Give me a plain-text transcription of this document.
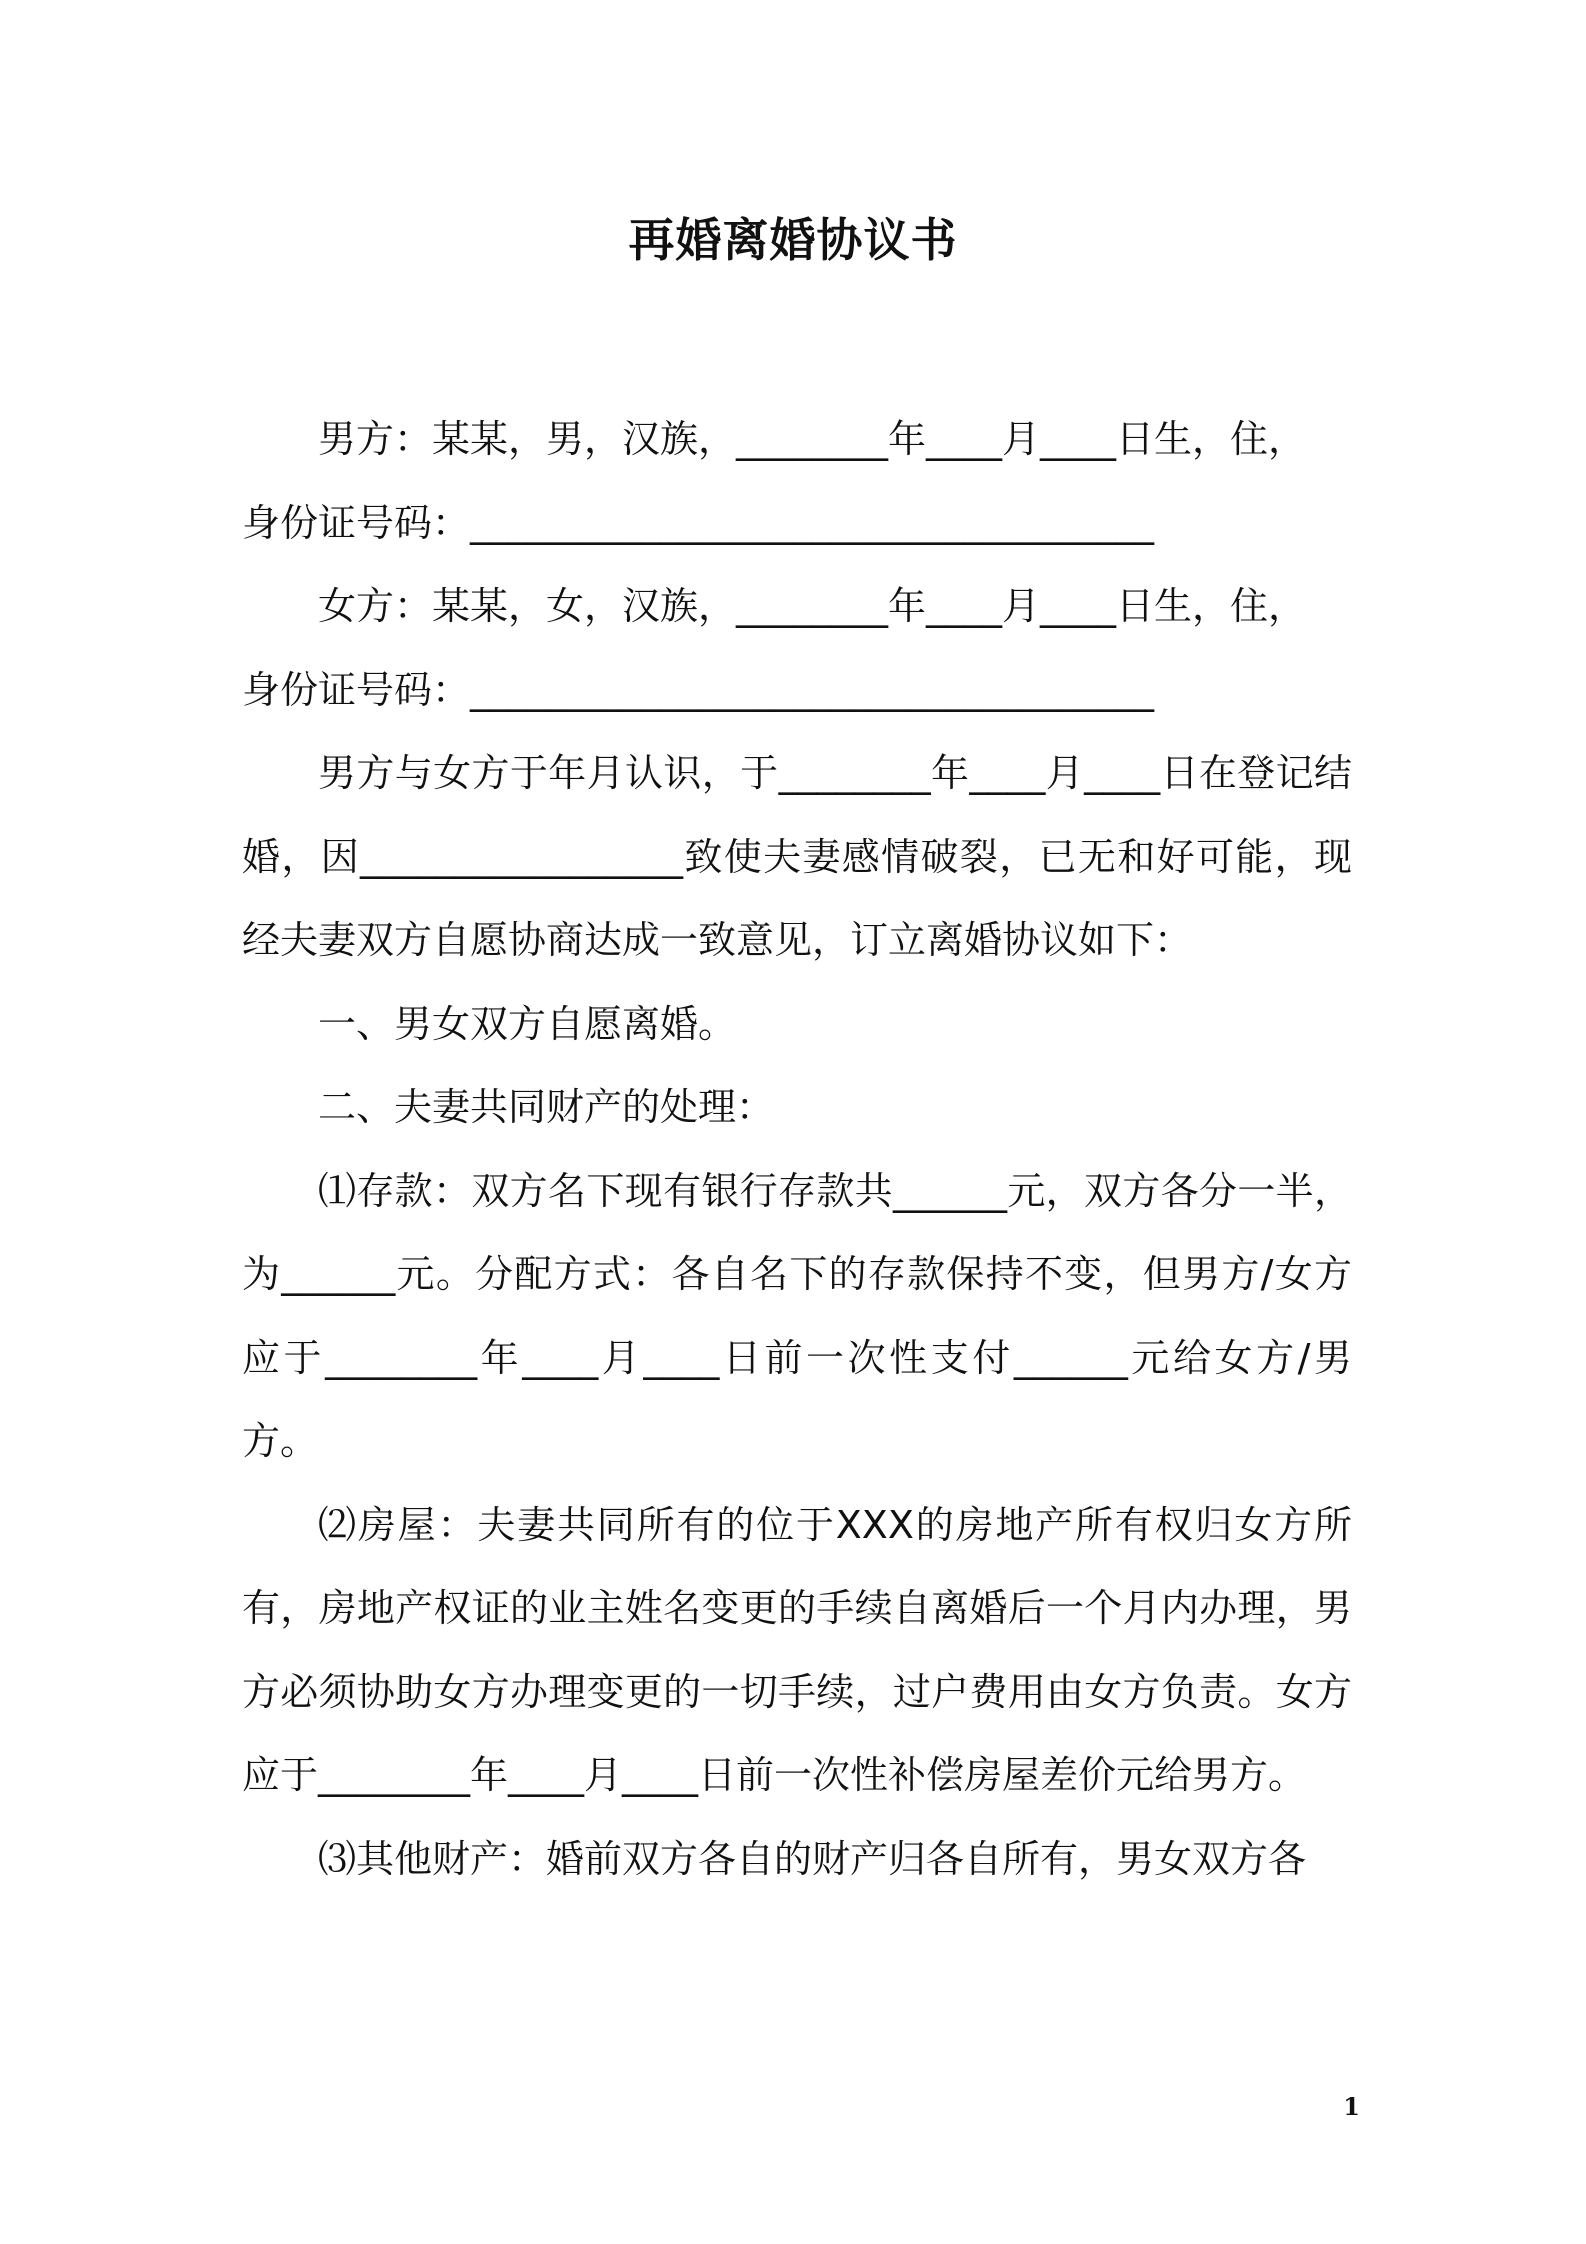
再婚离婚协议书

男方：某某，男，汉族，________年____月____日生，住，

身份证号码：____________________________________

女方：某某，女，汉族，________年____月____日生，住，

身份证号码：____________________________________

男方与女方于年月认识，于________年____月____日在登记结婚，因_________________致使夫妻感情破裂，已无和好可能，现经夫妻双方自愿协商达成一致意见，订立离婚协议如下：

一、男女双方自愿离婚。

二、夫妻共同财产的处理：

⑴存款：双方名下现有银行存款共______元，双方各分一半，为______元。分配方式：各自名下的存款保持不变，但男方/女方应于________年____月____日前一次性支付______元给女方/男方。

⑵房屋：夫妻共同所有的位于XXX的房地产所有权归女方所有，房地产权证的业主姓名变更的手续自离婚后一个月内办理，男方必须协助女方办理变更的一切手续，过户费用由女方负责。女方应于________年____月____日前一次性补偿房屋差价元给男方。

⑶其他财产：婚前双方各自的财产归各自所有，男女双方各

1
